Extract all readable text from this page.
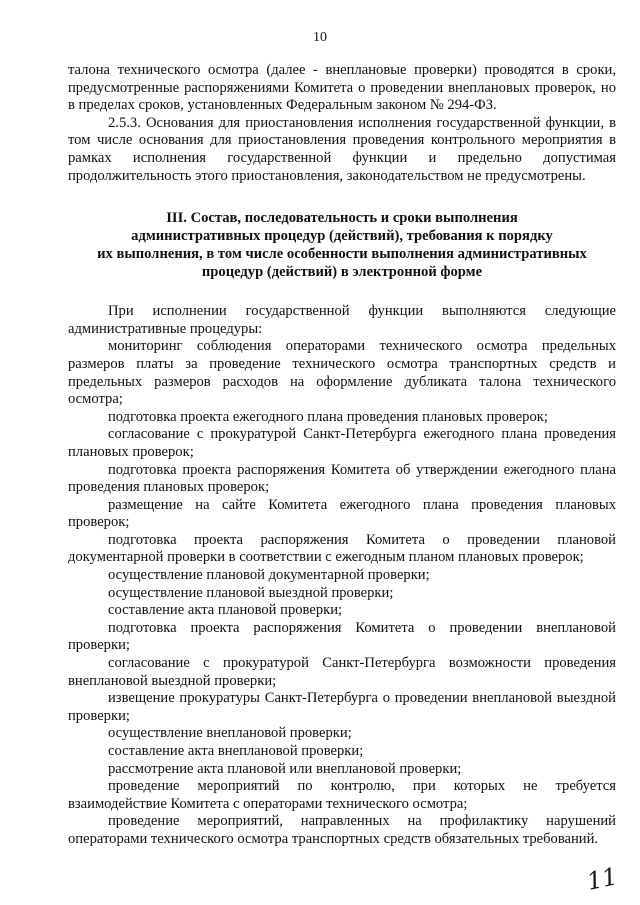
10

талона технического осмотра (далее - внеплановые проверки) проводятся в сроки, предусмотренные распоряжениями Комитета о проведении внеплановых проверок, но в пределах сроков, установленных Федеральным законом № 294-ФЗ.

2.5.3. Основания для приостановления исполнения государственной функции, в том числе основания для приостановления проведения контрольного мероприятия в рамках исполнения государственной функции и предельно допустимая продолжительность этого приостановления, законодательством не предусмотрены.

III. Состав, последовательность и сроки выполнения
административных процедур (действий), требования к порядку
их выполнения, в том числе особенности выполнения административных
процедур (действий) в электронной форме

При исполнении государственной функции выполняются следующие административные процедуры:

мониторинг соблюдения операторами технического осмотра предельных размеров платы за проведение технического осмотра транспортных средств и предельных размеров расходов на оформление дубликата талона технического осмотра;

подготовка проекта ежегодного плана проведения плановых проверок;

согласование с прокуратурой Санкт-Петербурга ежегодного плана проведения плановых проверок;

подготовка проекта распоряжения Комитета об утверждении ежегодного плана проведения плановых проверок;

размещение на сайте Комитета ежегодного плана проведения плановых проверок;

подготовка проекта распоряжения Комитета о проведении плановой документарной проверки в соответствии с ежегодным планом плановых проверок;

осуществление плановой документарной проверки;

осуществление плановой выездной проверки;

составление акта плановой проверки;

подготовка проекта распоряжения Комитета о проведении внеплановой проверки;

согласование с прокуратурой Санкт-Петербурга возможности проведения внеплановой выездной проверки;

извещение прокуратуры Санкт-Петербурга о проведении внеплановой выездной проверки;

осуществление внеплановой проверки;

составление акта внеплановой проверки;

рассмотрение акта плановой или внеплановой проверки;

проведение мероприятий по контролю, при которых не требуется взаимодействие Комитета с операторами технического осмотра;

проведение мероприятий, направленных на профилактику нарушений операторами технического осмотра транспортных средств обязательных требований.

11
